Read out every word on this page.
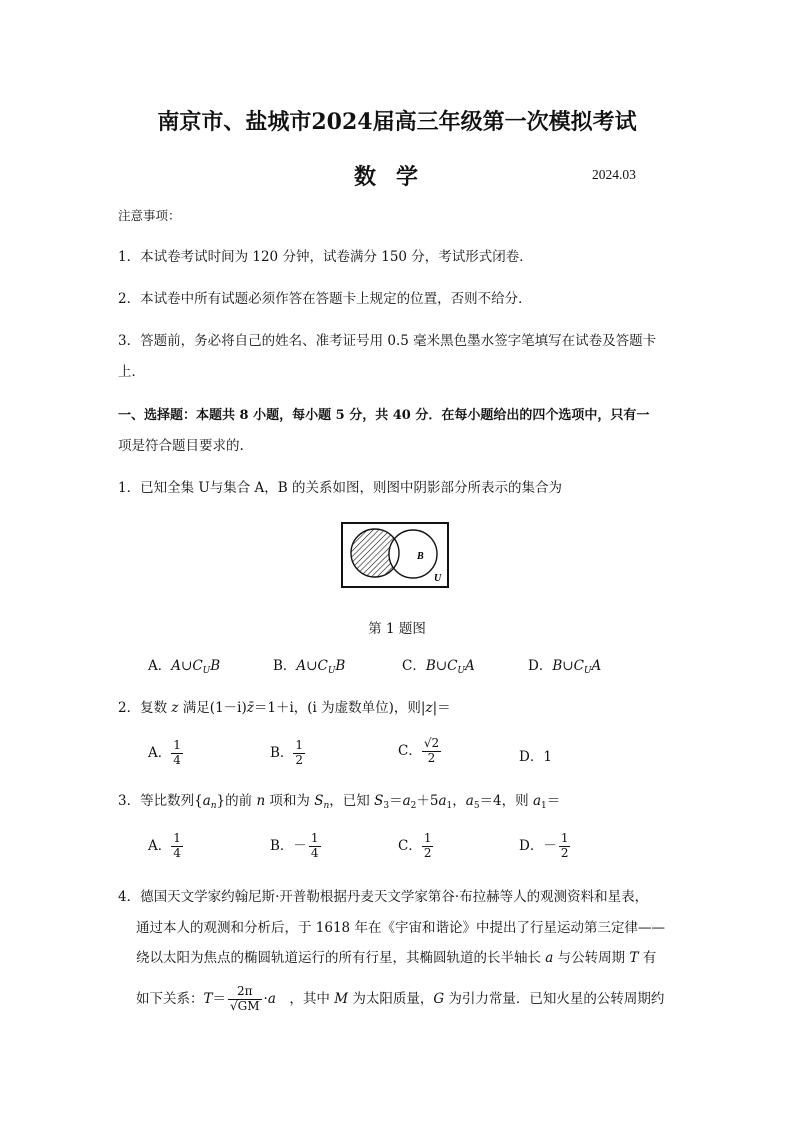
南京市、盐城市2024届高三年级第一次模拟考试
数学	2024.03
注意事项：
1．本试卷考试时间为 120 分钟，试卷满分 150 分，考试形式闭卷．
2．本试卷中所有试题必须作答在答题卡上规定的位置，否则不给分．
3．答题前，务必将自己的姓名、准考证号用 0.5 毫米黑色墨水签字笔填写在试卷及答题卡
上．
一、选择题：本题共 8 小题，每小题 5 分，共 40 分．在每小题给出的四个选项中，只有一
项是符合题目要求的.
1．已知全集 U与集合 A，B 的关系如图，则图中阴影部分所表示的集合为
B
U
第 1 题图
A．$A\cup C_UB$	B．$A\cup C_UB$	C．$B\cup C_UA$	D．$B\cup C_UA$
2．复数 z 满足(1－i)z̄＝1＋i，(i 为虚数单位)，则|z|＝
A． $\frac{1}{4}$	B． $\frac{1}{2}$	C． $\frac{√2}{2}$	D．1
3．等比数列$\{a_n\}$的前 n 项和为 $S_n$，已知 $S_3=a_2+5a_1$，$a_5=4$，则 $a_1=$
A． $\frac{1}{4}$	B．－ $\frac{1}{4}$	C． $\frac{1}{2}$	D．－ $\frac{1}{2}$
4．德国天文学家约翰尼斯·开普勒根据丹麦天文学家第谷·布拉赫等人的观测资料和星表，
通过本人的观测和分析后，于 1618 年在《宇宙和谐论》中提出了行星运动第三定律——
绕以太阳为焦点的椭圆轨道运行的所有行星，其椭圆轨道的长半轴长 a 与公转周期 T 有
如下关系：$T= \frac{2\pi}{√GM} \cdot a$　，其中 M 为太阳质量，G 为引力常量．已知火星的公转周期约
